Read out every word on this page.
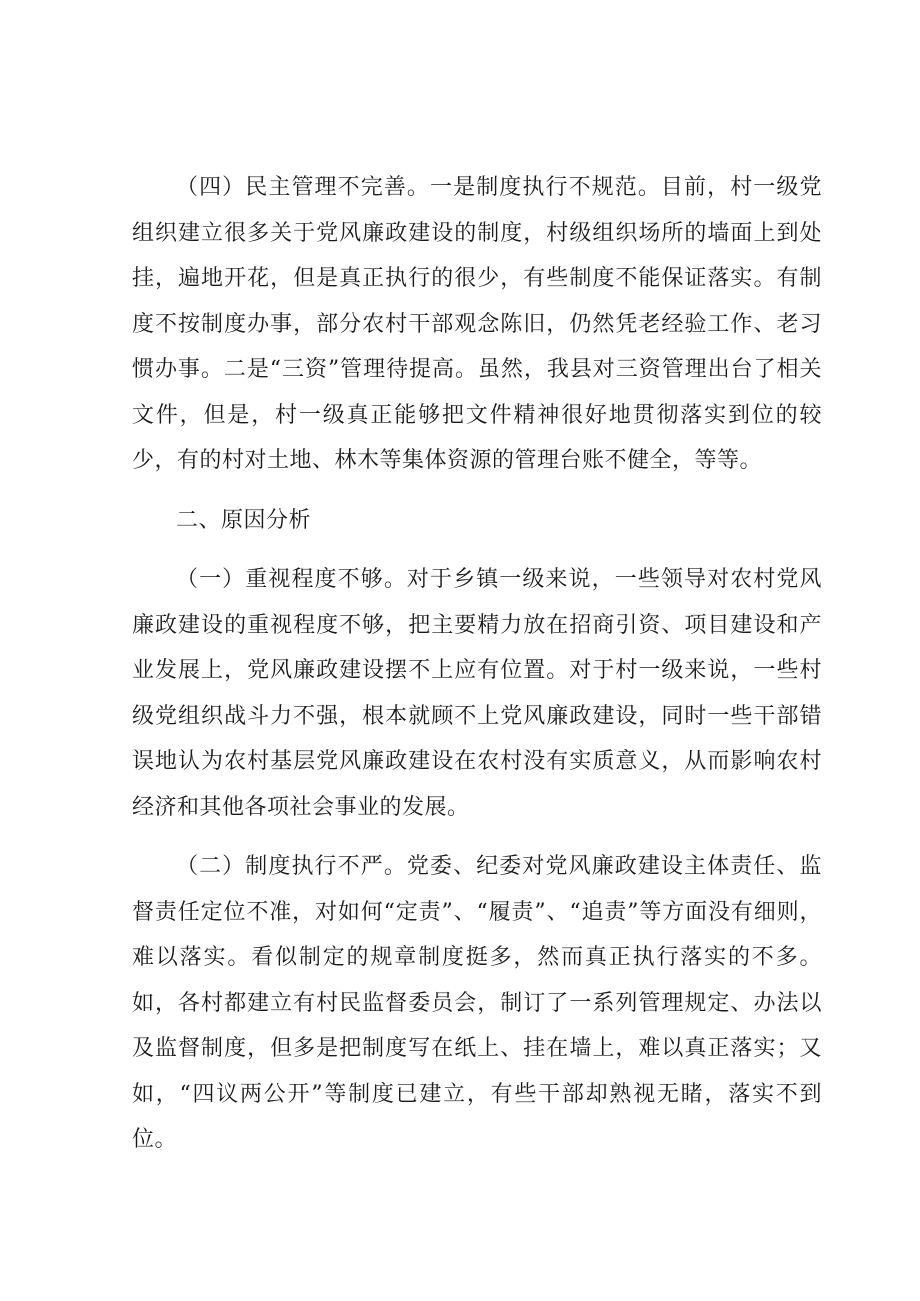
（四）民主管理不完善。一是制度执行不规范。目前，村一级党组织建立很多关于党风廉政建设的制度，村级组织场所的墙面上到处挂，遍地开花，但是真正执行的很少，有些制度不能保证落实。有制度不按制度办事，部分农村干部观念陈旧，仍然凭老经验工作、老习惯办事。二是“三资”管理待提高。虽然，我县对三资管理出台了相关文件，但是，村一级真正能够把文件精神很好地贯彻落实到位的较少，有的村对土地、林木等集体资源的管理台账不健全，等等。

二、原因分析

（一）重视程度不够。对于乡镇一级来说，一些领导对农村党风廉政建设的重视程度不够，把主要精力放在招商引资、项目建设和产业发展上，党风廉政建设摆不上应有位置。对于村一级来说，一些村级党组织战斗力不强，根本就顾不上党风廉政建设，同时一些干部错误地认为农村基层党风廉政建设在农村没有实质意义，从而影响农村经济和其他各项社会事业的发展。

（二）制度执行不严。党委、纪委对党风廉政建设主体责任、监督责任定位不准，对如何“定责”、“履责”、“追责”等方面没有细则，难以落实。看似制定的规章制度挺多，然而真正执行落实的不多。如，各村都建立有村民监督委员会，制订了一系列管理规定、办法以及监督制度，但多是把制度写在纸上、挂在墙上，难以真正落实；又如，“四议两公开”等制度已建立，有些干部却熟视无睹，落实不到位。
